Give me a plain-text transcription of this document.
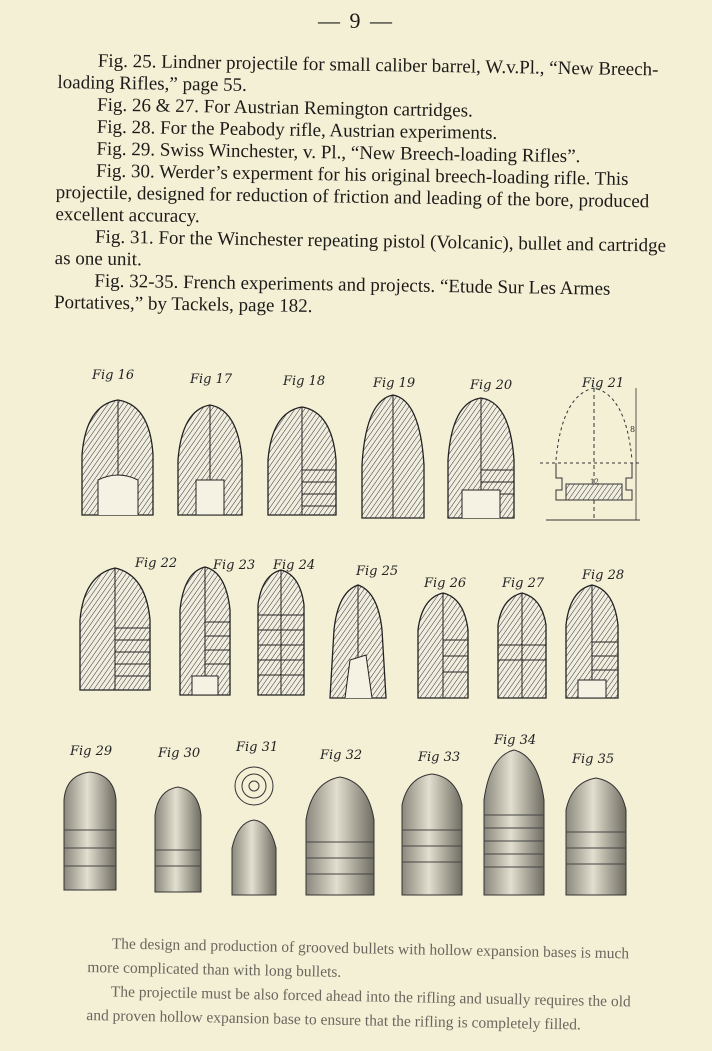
— 9 —

Fig. 25. Lindner projectile for small caliber barrel, W.v.Pl., “New Breech-loading Rifles,” page 55.

Fig. 26 & 27. For Austrian Remington cartridges.

Fig. 28. For the Peabody rifle, Austrian experiments.

Fig. 29. Swiss Winchester, v. Pl., “New Breech-loading Rifles”.

Fig. 30. Werder’s experment for his original breech-loading rifle. This projectile, designed for reduction of friction and leading of the bore, produced excellent accuracy.

Fig. 31. For the Winchester repeating pistol (Volcanic), bullet and cartridge as one unit.

Fig. 32-35. French experiments and projects. “Etude Sur Les Armes Portatives,” by Tackels, page 182.

8
12
Fig 16	Fig 17	Fig 18	Fig 19	Fig 20	Fig 21
Fig 22	Fig 23 Fig 24	Fig 25
Fig 26	Fig 27
Fig 28
Fig 29	Fig 30	Fig 31
Fig 32	Fig 33
Fig 34
Fig 35

The design and production of grooved bullets with hollow expansion bases is much more complicated than with long bullets.

The projectile must be also forced ahead into the rifling and usually requires the old and proven hollow expansion base to ensure that the rifling is completely filled.
